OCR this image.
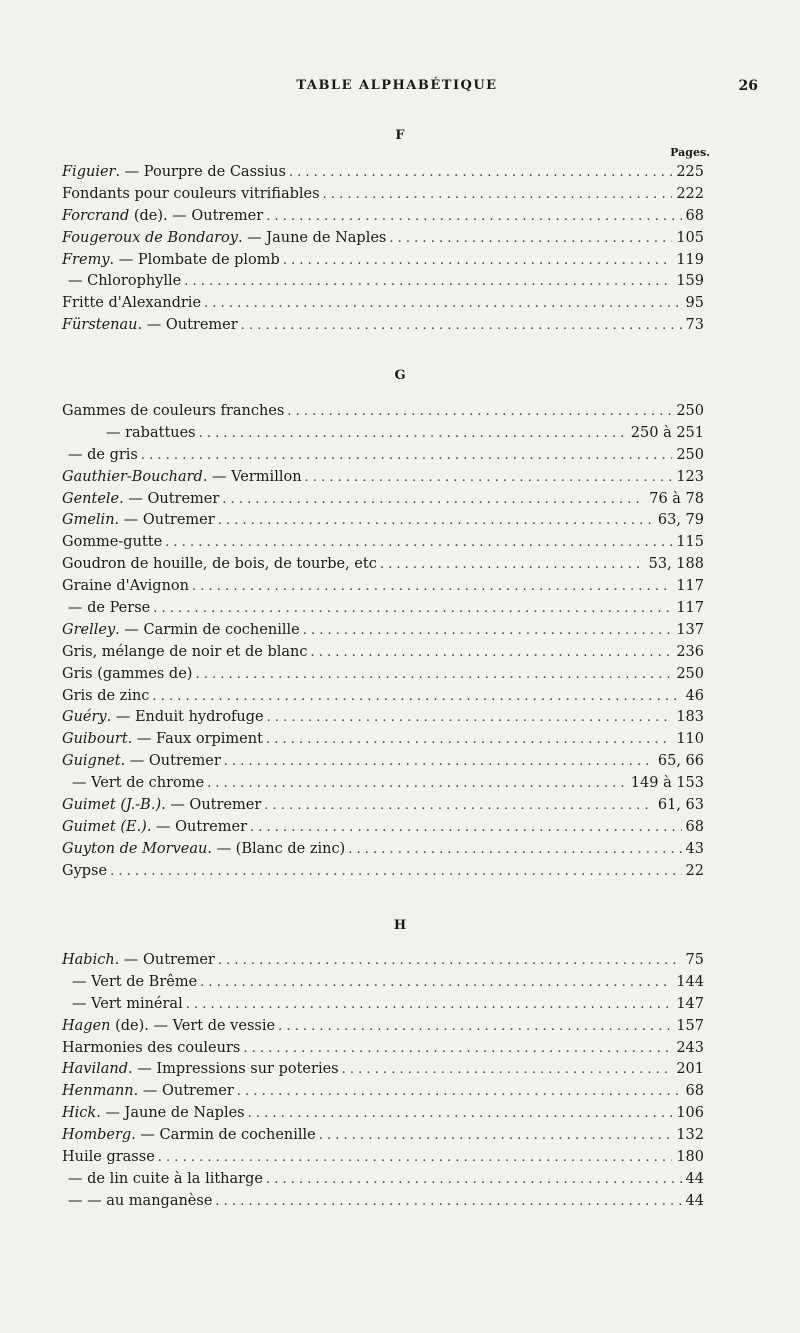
TABLE ALPHABÉTIQUE	26
F
Pages.
Figuier. — Pourpre de Cassius . . .	225
Fondants pour couleurs vitrifiables . . .	222
Forcrand (de). — Outremer . . .	68
Fougeroux de Bondaroy. — Jaune de Naples . . .	105
Fremy. — Plombate de plomb . . .	119
— Chlorophylle . . .	159
Fritte d'Alexandrie . . .	95
Fürstenau. — Outremer . . .	73
G
Gammes de couleurs franches . . .	250
— rabattues . . .	250 à 251
— de gris . . .	250
Gauthier-Bouchard. — Vermillon . . .	123
Gentele. — Outremer . . .	76 à 78
Gmelin. — Outremer . . .	63, 79
Gomme-gutte . . .	115
Goudron de houille, de bois, de tourbe, etc . . .	53, 188
Graine d'Avignon . . .	117
— de Perse . . .	117
Grelley. — Carmin de cochenille . . .	137
Gris, mélange de noir et de blanc . . .	236
Gris (gammes de) . . .	250
Gris de zinc . . .	46
Guéry. — Enduit hydrofuge . . .	183
Guibourt. — Faux orpiment . . .	110
Guignet. — Outremer . . .	65, 66
— Vert de chrome . . .	149 à 153
Guimet (J.-B.). — Outremer . . .	61, 63
Guimet (E.). — Outremer . . .	68
Guyton de Morveau. — (Blanc de zinc) . . .	43
Gypse . . .	22
H
Habich. — Outremer . . .	75
— Vert de Brême . . .	144
— Vert minéral . . .	147
Hagen (de). — Vert de vessie . . .	157
Harmonies des couleurs . . .	243
Haviland. — Impressions sur poteries . . .	201
Henmann. — Outremer . . .	68
Hick. — Jaune de Naples . . .	106
Homberg. — Carmin de cochenille . . .	132
Huile grasse . . .	180
— de lin cuite à la litharge . . .	44
— — au manganèse . . .	44
